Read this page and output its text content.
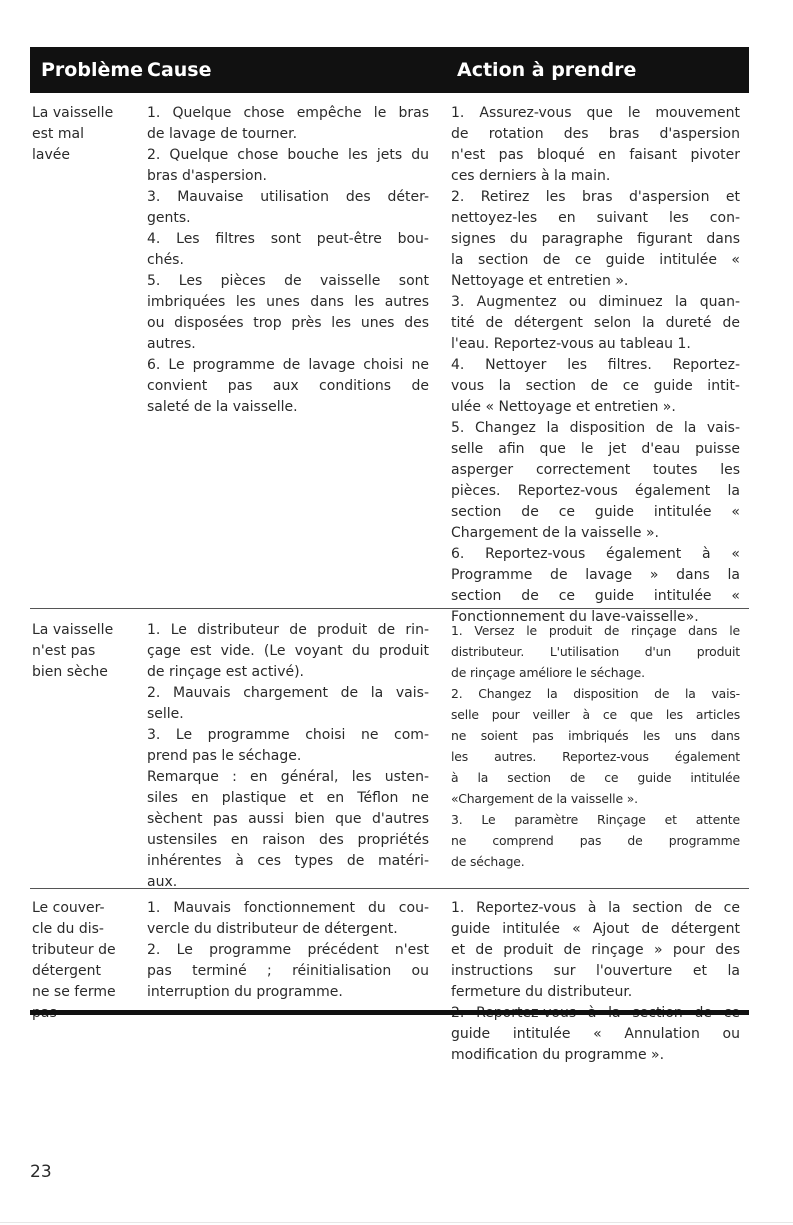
Problème Cause	Action à prendre
La vaisselle
est mal
lavée
1. Quelque chose empêche le bras
de lavage de tourner.
2. Quelque chose bouche les jets du
bras d'aspersion.
3. Mauvaise utilisation des déter-
gents.
4. Les filtres sont peut-être bou-
chés.
5. Les pièces de vaisselle sont
imbriquées les unes dans les autres
ou disposées trop près les unes des
autres.
6. Le programme de lavage choisi ne
convient pas aux conditions de
saleté de la vaisselle.
1. Assurez-vous que le mouvement
de rotation des bras d'aspersion
n'est pas bloqué en faisant pivoter
ces derniers à la main.
2. Retirez les bras d'aspersion et
nettoyez-les en suivant les con-
signes du paragraphe figurant dans
la section de ce guide intitulée «
Nettoyage et entretien ».
3. Augmentez ou diminuez la quan-
tité de détergent selon la dureté de
l'eau. Reportez-vous au tableau 1.
4. Nettoyer les filtres. Reportez-
vous la section de ce guide intit-
ulée « Nettoyage et entretien ».
5. Changez la disposition de la vais-
selle afin que le jet d'eau puisse
asperger correctement toutes les
pièces. Reportez-vous également la
section de ce guide intitulée «
Chargement de la vaisselle ».
6. Reportez-vous également à «
Programme de lavage » dans la
section de ce guide intitulée «
Fonctionnement du lave-vaisselle».
La vaisselle
n'est pas
bien sèche
1. Le distributeur de produit de rin-
çage est vide. (Le voyant du produit
de rinçage est activé).
2. Mauvais chargement de la vais-
selle.
3. Le programme choisi ne com-
prend pas le séchage.
Remarque : en général, les usten-
siles en plastique et en Téflon ne
sèchent pas aussi bien que d'autres
ustensiles en raison des propriétés
inhérentes à ces types de matéri-
aux.
1. Versez le produit de rinçage dans le
distributeur. L'utilisation d'un produit
de rinçage améliore le séchage.
2. Changez la disposition de la vais-
selle pour veiller à ce que les articles
ne soient pas imbriqués les uns dans
les autres. Reportez-vous également
à la section de ce guide intitulée
«Chargement de la vaisselle ».
3. Le paramètre Rinçage et attente
ne comprend pas de programme
de séchage.
Le couver-
cle du dis-
tributeur de
détergent
ne se ferme
1. Mauvais fonctionnement du cou-
vercle du distributeur de détergent.
2. Le programme précédent n'est
pas terminé ; réinitialisation ou
interruption du programme.
1. Reportez-vous à la section de ce
guide intitulée « Ajout de détergent
et de produit de rinçage » pour des
instructions sur l'ouverture et la
fermeture du distributeur.
guide intitulée « Annulation ou
modification du programme ».
23
